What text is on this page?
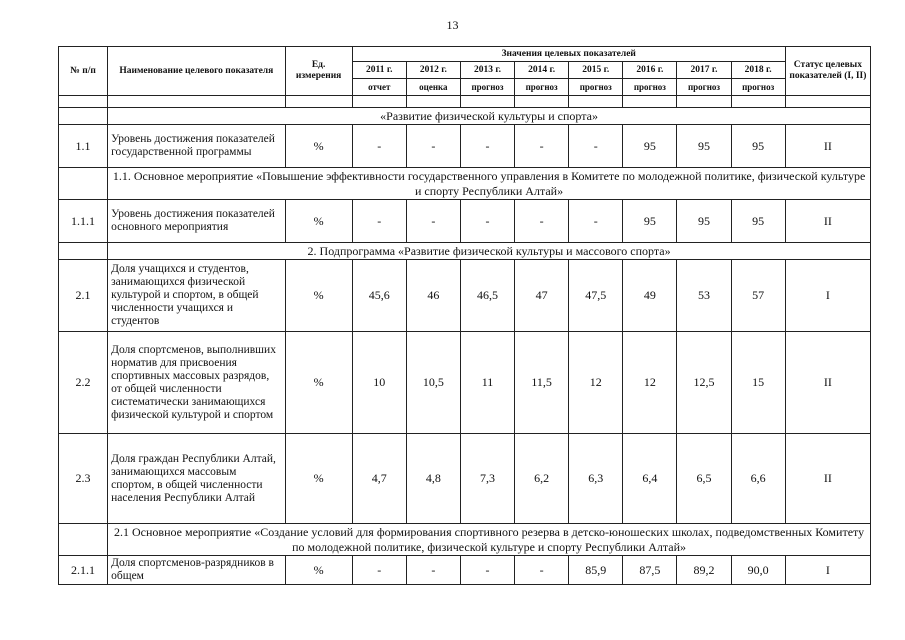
13
№ п/п	Наименование целевого показателя	Ед. измерения	Значения целевых показателей								Статус целевых показателей (I, II)
			2011 г.	2012 г.	2013 г.	2014 г.	2015 г.	2016 г.	2017 г.	2018 г.	
			отчет	оценка	прогноз	прогноз	прогноз	прогноз	прогноз	прогноз	

	«Развитие физической культуры и спорта»										
1.1	Уровень достижения показателей государственной программы	%	-	-	-	-	-	95	95	95	II
	1.1. Основное мероприятие «Повышение эффективности государственного управления в Комитете по молодежной политике, физической культуре и спорту Республики Алтай»										
1.1.1	Уровень достижения показателей основного мероприятия	%	-	-	-	-	-	95	95	95	II
	2. Подпрограмма «Развитие физической культуры и массового спорта»										
2.1	Доля учащихся и студентов, занимающихся физической культурой и спортом, в общей численности учащихся и студентов	%	45,6	46	46,5	47	47,5	49	53	57	I
2.2	Доля спортсменов, выполнивших норматив для присвоения спортивных массовых разрядов, от общей численности систематически занимающихся физической культурой и спортом	%	10	10,5	11	11,5	12	12	12,5	15	II
2.3	Доля граждан Республики Алтай, занимающихся массовым спортом, в общей численности населения Республики Алтай	%	4,7	4,8	7,3	6,2	6,3	6,4	6,5	6,6	II
	2.1 Основное мероприятие «Создание условий для формирования спортивного резерва в детско-юношеских школах, подведомственных Комитету по молодежной политике, физической культуре и спорту Республики Алтай»										
2.1.1	Доля спортсменов-разрядников в общем	%	-	-	-	-	85,9	87,5	89,2	90,0	I
